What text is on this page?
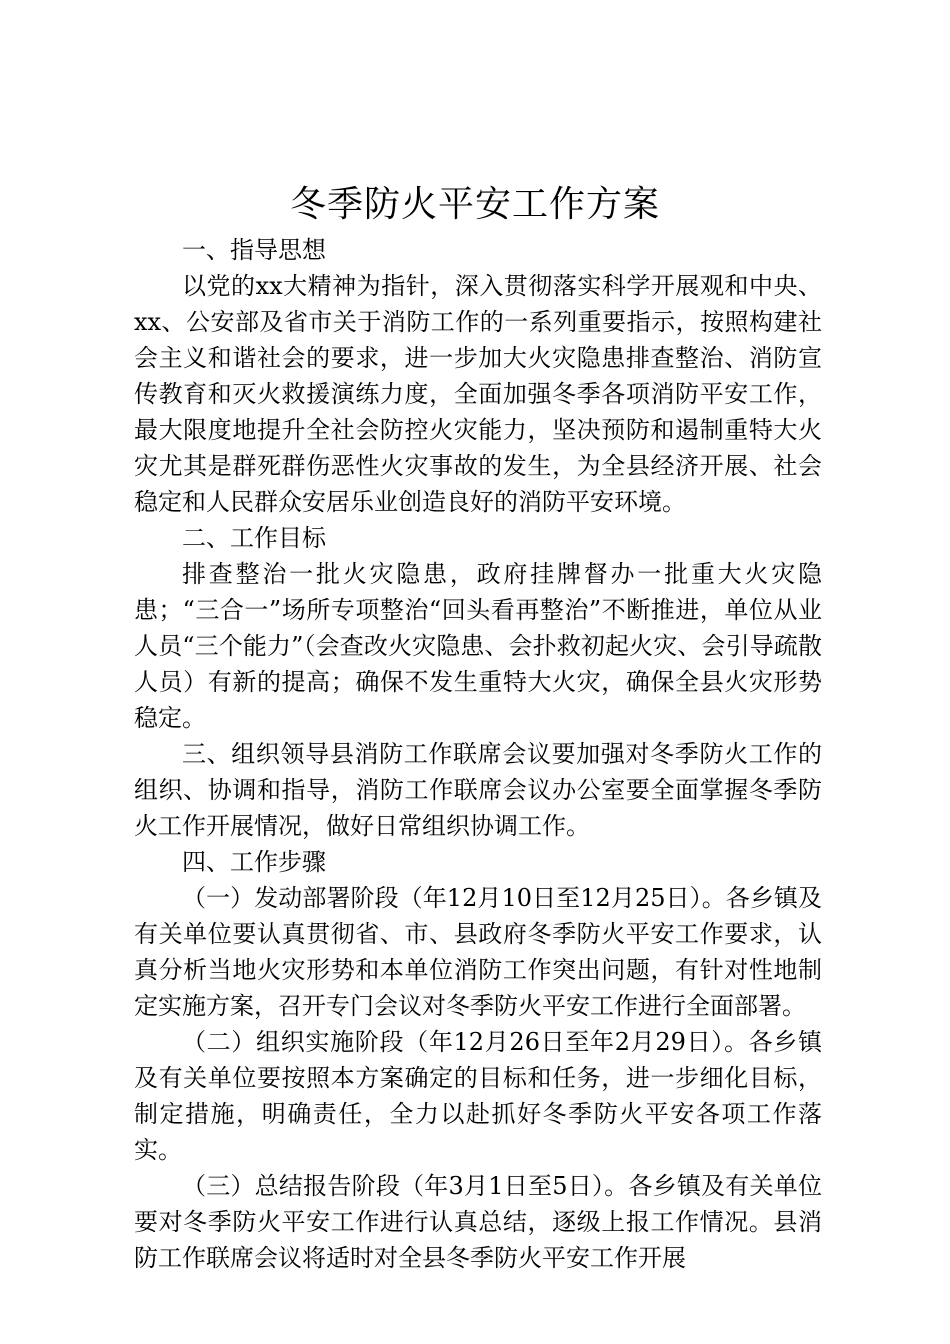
冬季防火平安工作方案

一、指导思想

以党的xx大精神为指针，深入贯彻落实科学开展观和中央、xx、公安部及省市关于消防工作的一系列重要指示，按照构建社会主义和谐社会的要求，进一步加大火灾隐患排查整治、消防宣传教育和灭火救援演练力度，全面加强冬季各项消防平安工作，最大限度地提升全社会防控火灾能力，坚决预防和遏制重特大火灾尤其是群死群伤恶性火灾事故的发生，为全县经济开展、社会稳定和人民群众安居乐业创造良好的消防平安环境。

二、工作目标

排查整治一批火灾隐患，政府挂牌督办一批重大火灾隐患；“三合一”场所专项整治“回头看再整治”不断推进，单位从业人员“三个能力”（会查改火灾隐患、会扑救初起火灾、会引导疏散人员）有新的提高；确保不发生重特大火灾，确保全县火灾形势稳定。

三、组织领导县消防工作联席会议要加强对冬季防火工作的组织、协调和指导，消防工作联席会议办公室要全面掌握冬季防火工作开展情况，做好日常组织协调工作。

四、工作步骤

（一）发动部署阶段（年12月10日至12月25日）。各乡镇及有关单位要认真贯彻省、市、县政府冬季防火平安工作要求，认真分析当地火灾形势和本单位消防工作突出问题，有针对性地制定实施方案，召开专门会议对冬季防火平安工作进行全面部署。

（二）组织实施阶段（年12月26日至年2月29日）。各乡镇及有关单位要按照本方案确定的目标和任务，进一步细化目标，制定措施，明确责任，全力以赴抓好冬季防火平安各项工作落实。

（三）总结报告阶段（年3月1日至5日）。各乡镇及有关单位要对冬季防火平安工作进行认真总结，逐级上报工作情况。县消防工作联席会议将适时对全县冬季防火平安工作开展
